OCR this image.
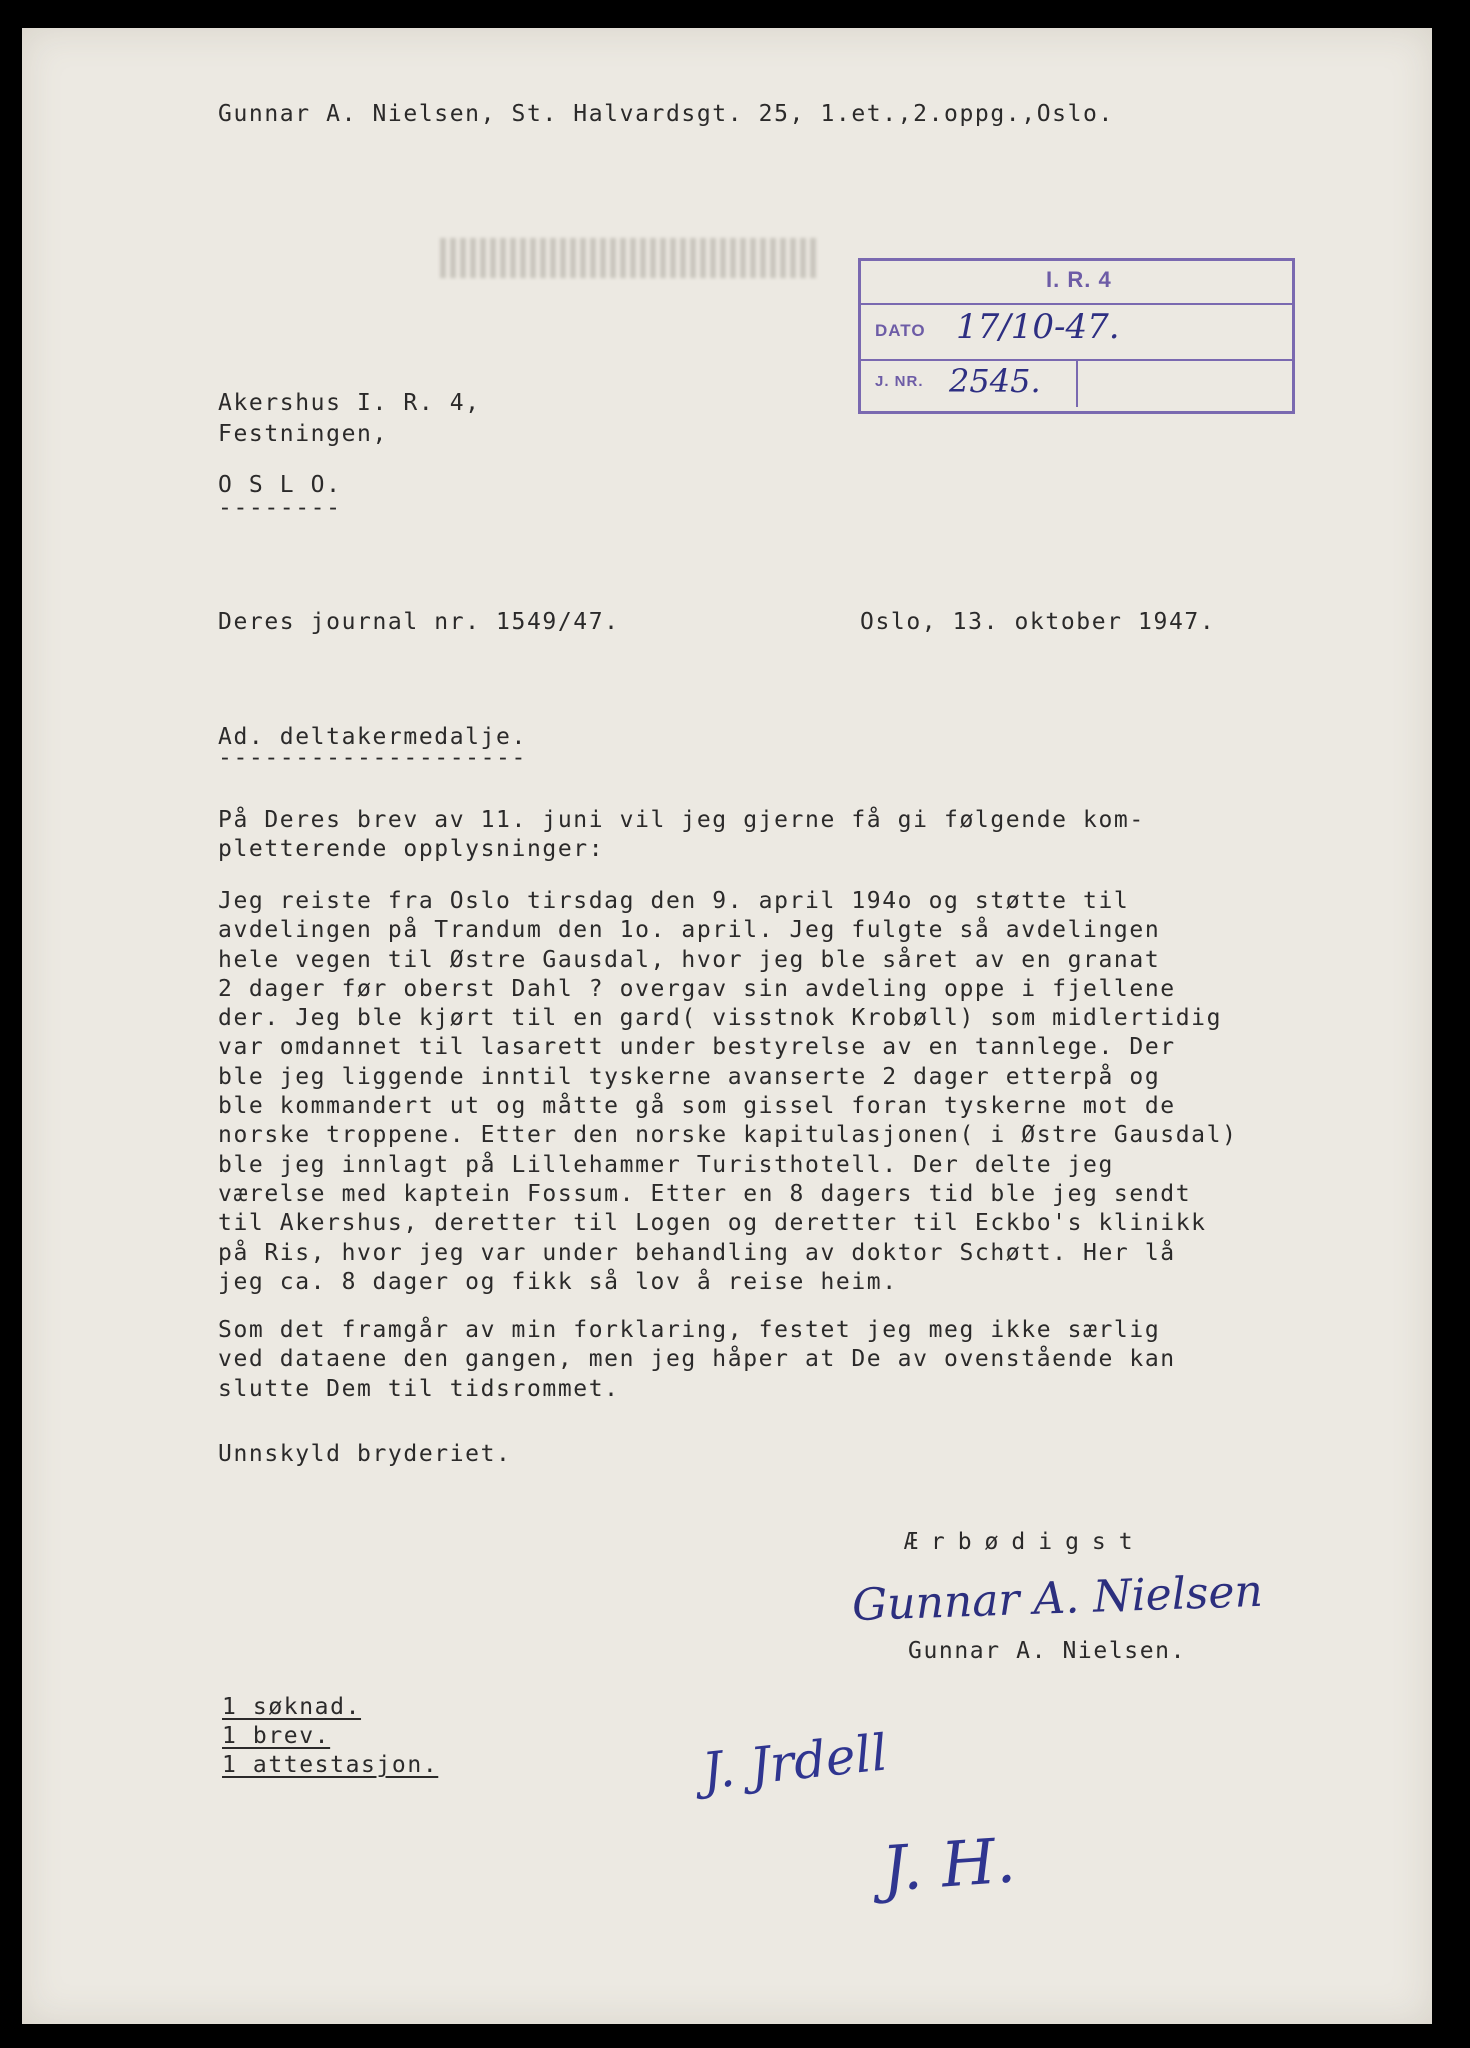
Gunnar A. Nielsen, St. Halvardsgt. 25, 1.et.,2.oppg.,Oslo.
I. R. 4
DATO 17/10-47.
J. NR. 2545.
Akershus I. R. 4,
Festningen,
O S L O.
--------
Deres journal nr. 1549/47.	Oslo, 13. oktober 1947.
Ad. deltakermedalje.
--------------------
På Deres brev av 11. juni vil jeg gjerne få gi følgende kom-
pletterende opplysninger:
Jeg reiste fra Oslo tirsdag den 9. april 194o og støtte til
avdelingen på Trandum den 1o. april. Jeg fulgte så avdelingen
hele vegen til Østre Gausdal, hvor jeg ble såret av en granat
2 dager før oberst Dahl ? overgav sin avdeling oppe i fjellene
der. Jeg ble kjørt til en gard( visstnok Krobøll) som midlertidig
var omdannet til lasarett under bestyrelse av en tannlege. Der
ble jeg liggende inntil tyskerne avanserte 2 dager etterpå og
ble kommandert ut og måtte gå som gissel foran tyskerne mot de
norske troppene. Etter den norske kapitulasjonen( i Østre Gausdal)
ble jeg innlagt på Lillehammer Turisthotell. Der delte jeg
værelse med kaptein Fossum. Etter en 8 dagers tid ble jeg sendt
til Akershus, deretter til Logen og deretter til Eckbo's klinikk
på Ris, hvor jeg var under behandling av doktor Schøtt. Her lå
jeg ca. 8 dager og fikk så lov å reise heim.
Som det framgår av min forklaring, festet jeg meg ikke særlig
ved dataene den gangen, men jeg håper at De av ovenstående kan
slutte Dem til tidsrommet.
Unnskyld bryderiet.
Ærbødigst
Gunnar A. Nielsen
Gunnar A. Nielsen.
1 søknad.
1 brev.
1 attestasjon.	J. Jrdell
J. H.
